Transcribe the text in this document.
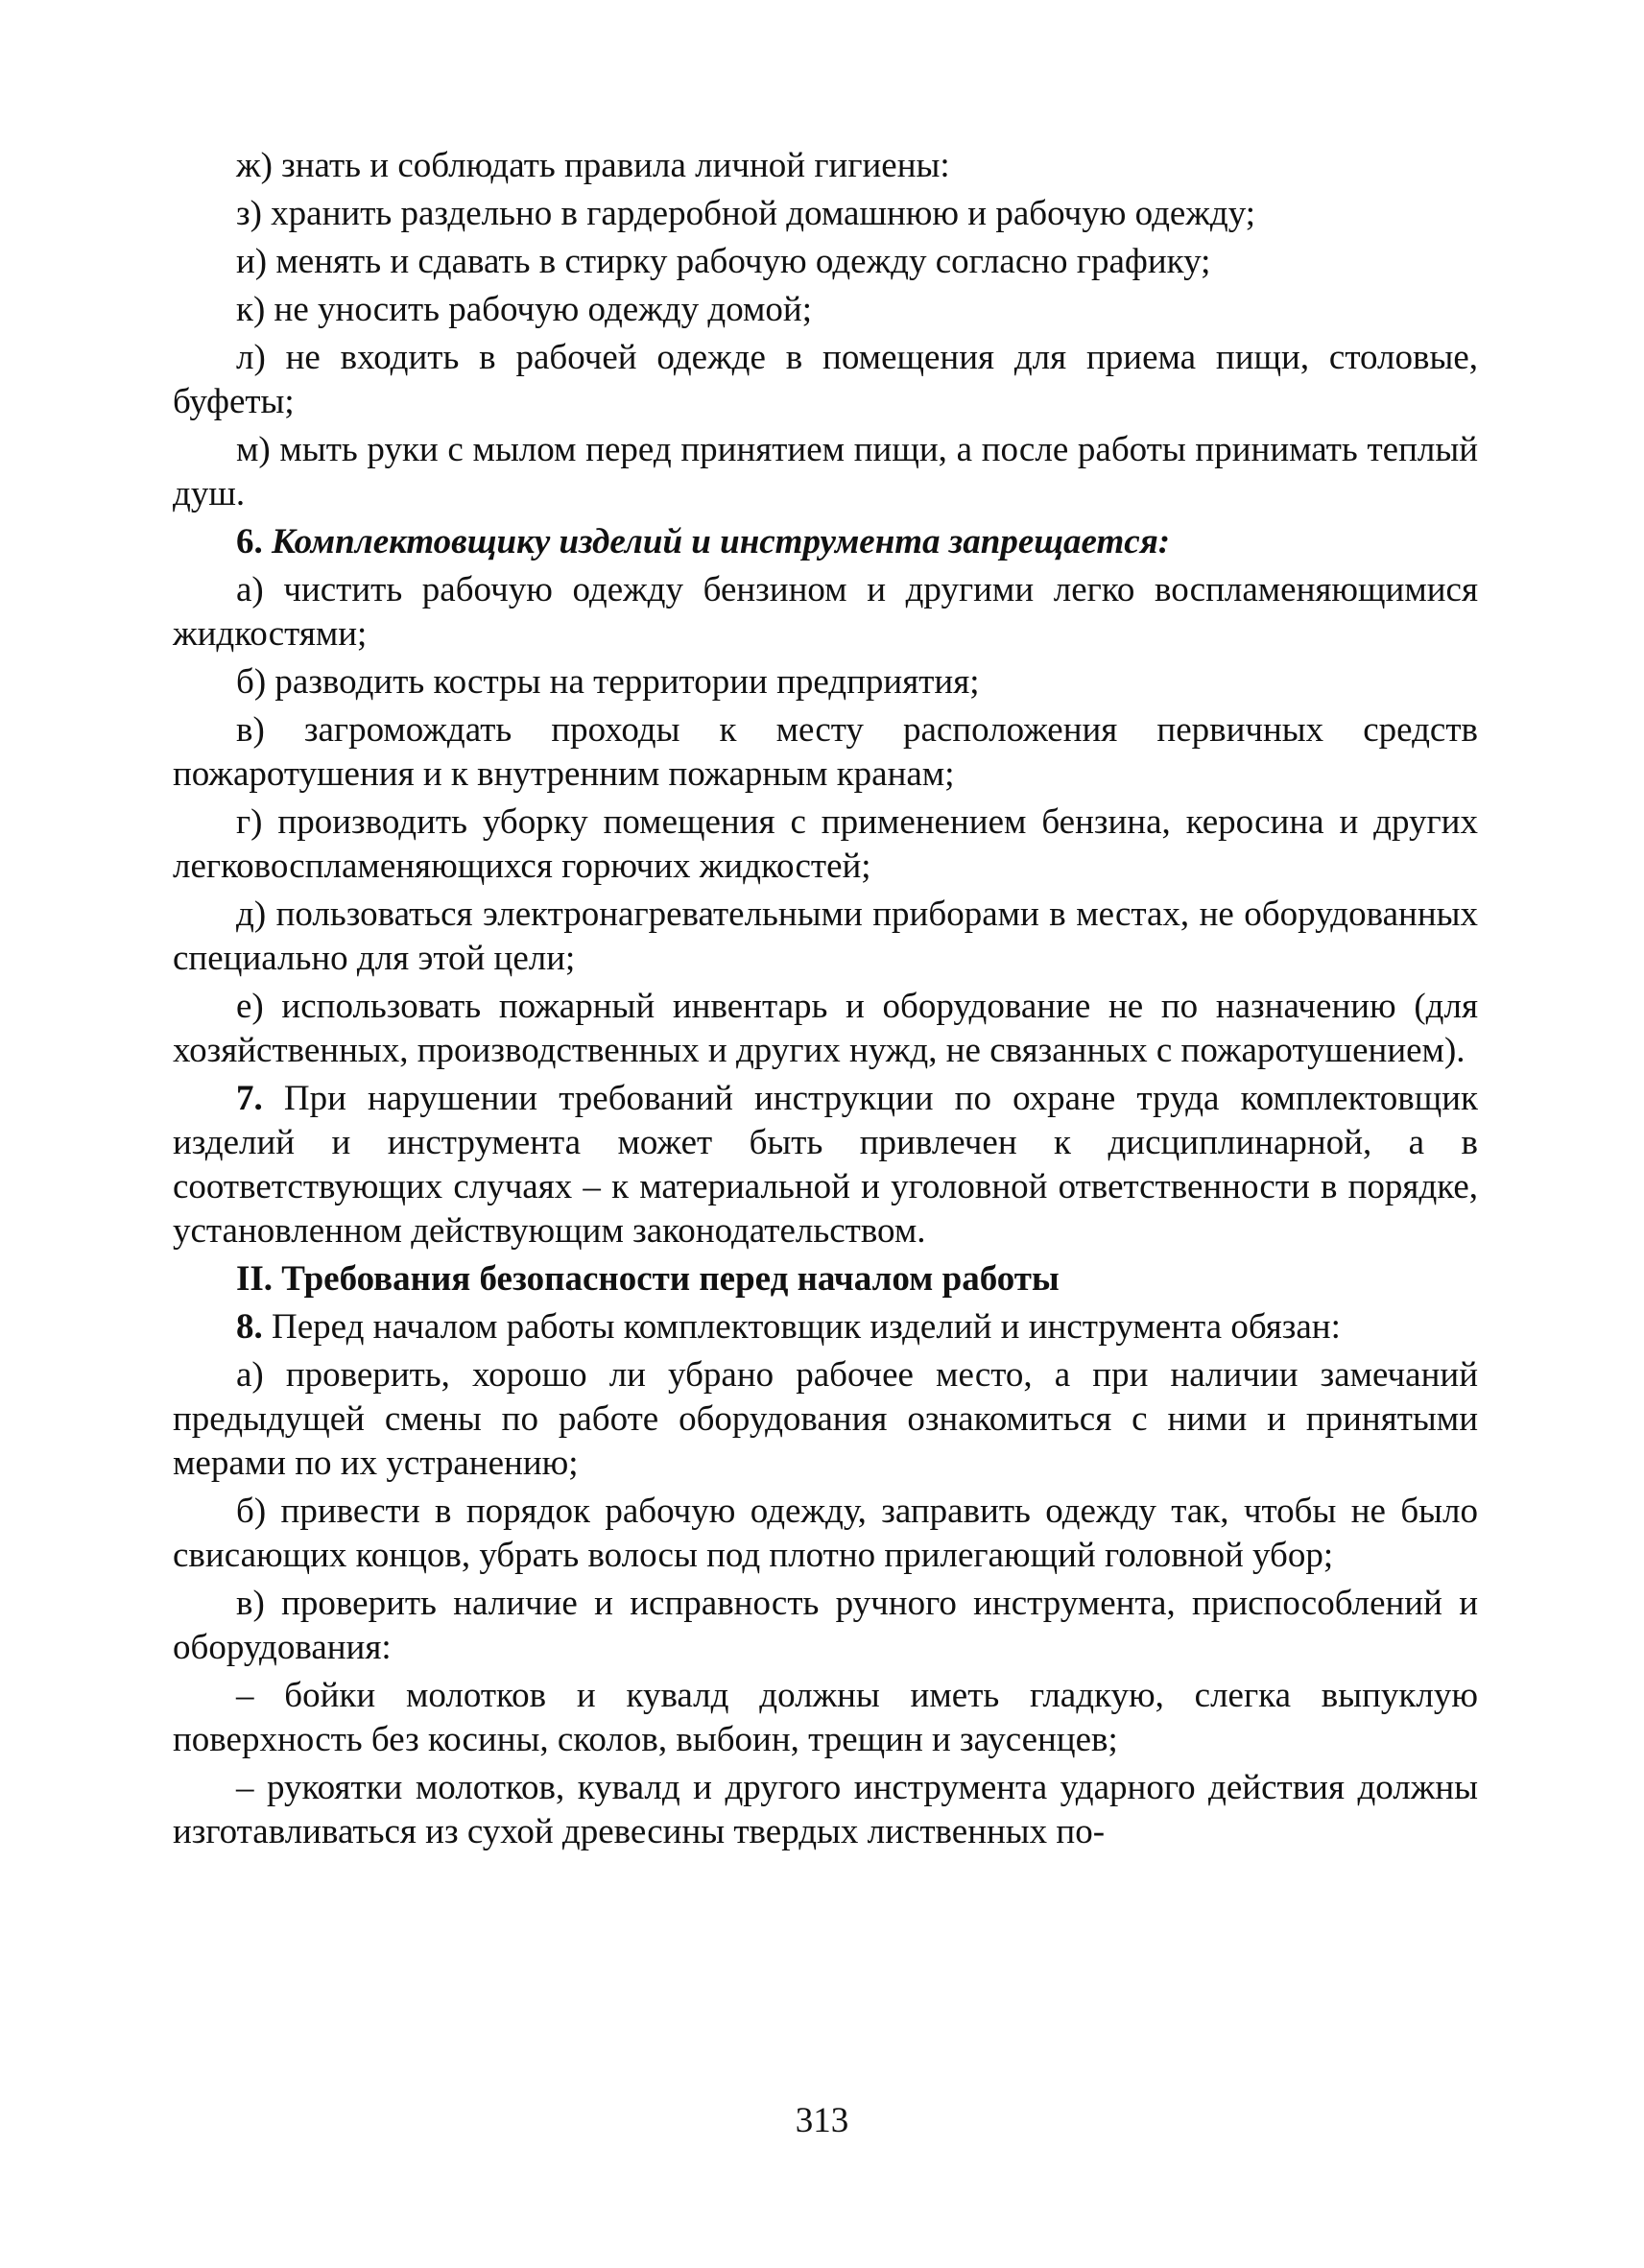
ж) знать и соблюдать правила личной гигиены:

з) хранить раздельно в гардеробной домашнюю и рабочую одежду;

и) менять и сдавать в стирку рабочую одежду согласно графику;

к) не уносить рабочую одежду домой;

л) не входить в рабочей одежде в помещения для приема пищи, столовые, буфеты;

м) мыть руки с мылом перед принятием пищи, а после работы принимать теплый душ.

6. Комплектовщику изделий и инструмента запрещается:

а) чистить рабочую одежду бензином и другими легко воспламеняющимися жидкостями;

б) разводить костры на территории предприятия;

в) загромождать проходы к месту расположения первичных средств пожаротушения и к внутренним пожарным кранам;

г) производить уборку помещения с применением бензина, керосина и других легковоспламеняющихся горючих жидкостей;

д) пользоваться электронагревательными приборами в местах, не оборудованных специально для этой цели;

е) использовать пожарный инвентарь и оборудование не по назначению (для хозяйственных, производственных и других нужд, не связанных с пожаротушением).

7. При нарушении требований инструкции по охране труда комплектовщик изделий и инструмента может быть привлечен к дисциплинарной, а в соответствующих случаях – к материальной и уголовной ответственности в порядке, установленном действующим законодательством.

II. Требования безопасности перед началом работы

8. Перед началом работы комплектовщик изделий и инструмента обязан:

а) проверить, хорошо ли убрано рабочее место, а при наличии замечаний предыдущей смены по работе оборудования ознакомиться с ними и принятыми мерами по их устранению;

б) привести в порядок рабочую одежду, заправить одежду так, чтобы не было свисающих концов, убрать волосы под плотно прилегающий головной убор;

в) проверить наличие и исправность ручного инструмента, приспособлений и оборудования:

– бойки молотков и кувалд должны иметь гладкую, слегка выпуклую поверхность без косины, сколов, выбоин, трещин и заусенцев;

– рукоятки молотков, кувалд и другого инструмента ударного действия должны изготавливаться из сухой древесины твердых лиственных по-

313
